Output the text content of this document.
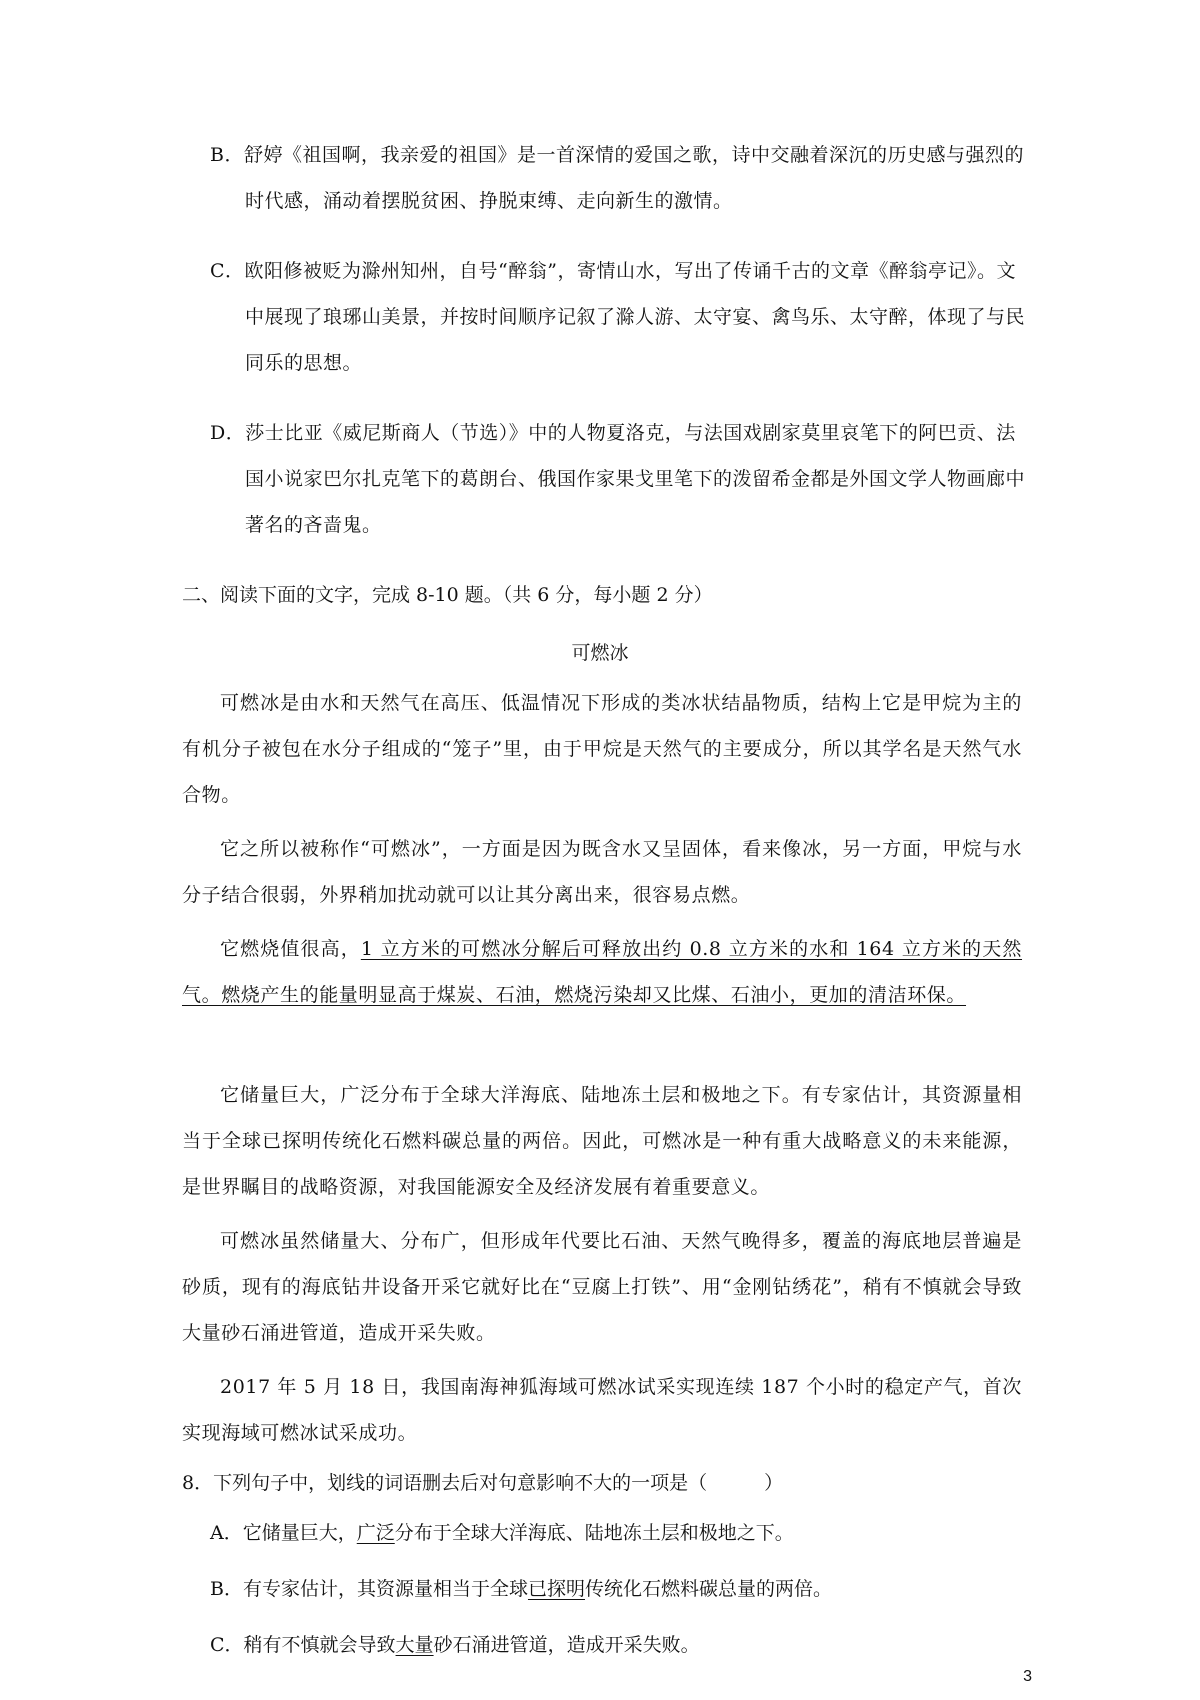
B．舒婷《祖国啊，我亲爱的祖国》是一首深情的爱国之歌，诗中交融着深沉的历史感与强烈的时代感，涌动着摆脱贫困、挣脱束缚、走向新生的激情。
C．欧阳修被贬为滁州知州，自号“醉翁”，寄情山水，写出了传诵千古的文章《醉翁亭记》。文中展现了琅琊山美景，并按时间顺序记叙了滁人游、太守宴、禽鸟乐、太守醉，体现了与民同乐的思想。
D．莎士比亚《威尼斯商人（节选）》中的人物夏洛克，与法国戏剧家莫里哀笔下的阿巴贡、法国小说家巴尔扎克笔下的葛朗台、俄国作家果戈里笔下的泼留希金都是外国文学人物画廊中著名的吝啬鬼。
二、阅读下面的文字，完成 8-10 题。（共 6 分，每小题 2 分）
可燃冰
可燃冰是由水和天然气在高压、低温情况下形成的类冰状结晶物质，结构上它是甲烷为主的有机分子被包在水分子组成的“笼子”里，由于甲烷是天然气的主要成分，所以其学名是天然气水合物。
它之所以被称作“可燃冰”，一方面是因为既含水又呈固体，看来像冰，另一方面，甲烷与水分子结合很弱，外界稍加扰动就可以让其分离出来，很容易点燃。
它燃烧值很高，1 立方米的可燃冰分解后可释放出约 0.8 立方米的水和 164 立方米的天然气。燃烧产生的能量明显高于煤炭、石油，燃烧污染却又比煤、石油小，更加的清洁环保。
它储量巨大，广泛分布于全球大洋海底、陆地冻土层和极地之下。有专家估计，其资源量相当于全球已探明传统化石燃料碳总量的两倍。因此，可燃冰是一种有重大战略意义的未来能源，是世界瞩目的战略资源，对我国能源安全及经济发展有着重要意义。
可燃冰虽然储量大、分布广，但形成年代要比石油、天然气晚得多，覆盖的海底地层普遍是砂质，现有的海底钻井设备开采它就好比在“豆腐上打铁”、用“金刚钻绣花”，稍有不慎就会导致大量砂石涌进管道，造成开采失败。
2017 年 5 月 18 日，我国南海神狐海域可燃冰试采实现连续 187 个小时的稳定产气，首次实现海域可燃冰试采成功。
8．下列句子中，划线的词语删去后对句意影响不大的一项是（　　　）
A．它储量巨大，广泛分布于全球大洋海底、陆地冻土层和极地之下。
B．有专家估计，其资源量相当于全球已探明传统化石燃料碳总量的两倍。
C．稍有不慎就会导致大量砂石涌进管道，造成开采失败。
3
